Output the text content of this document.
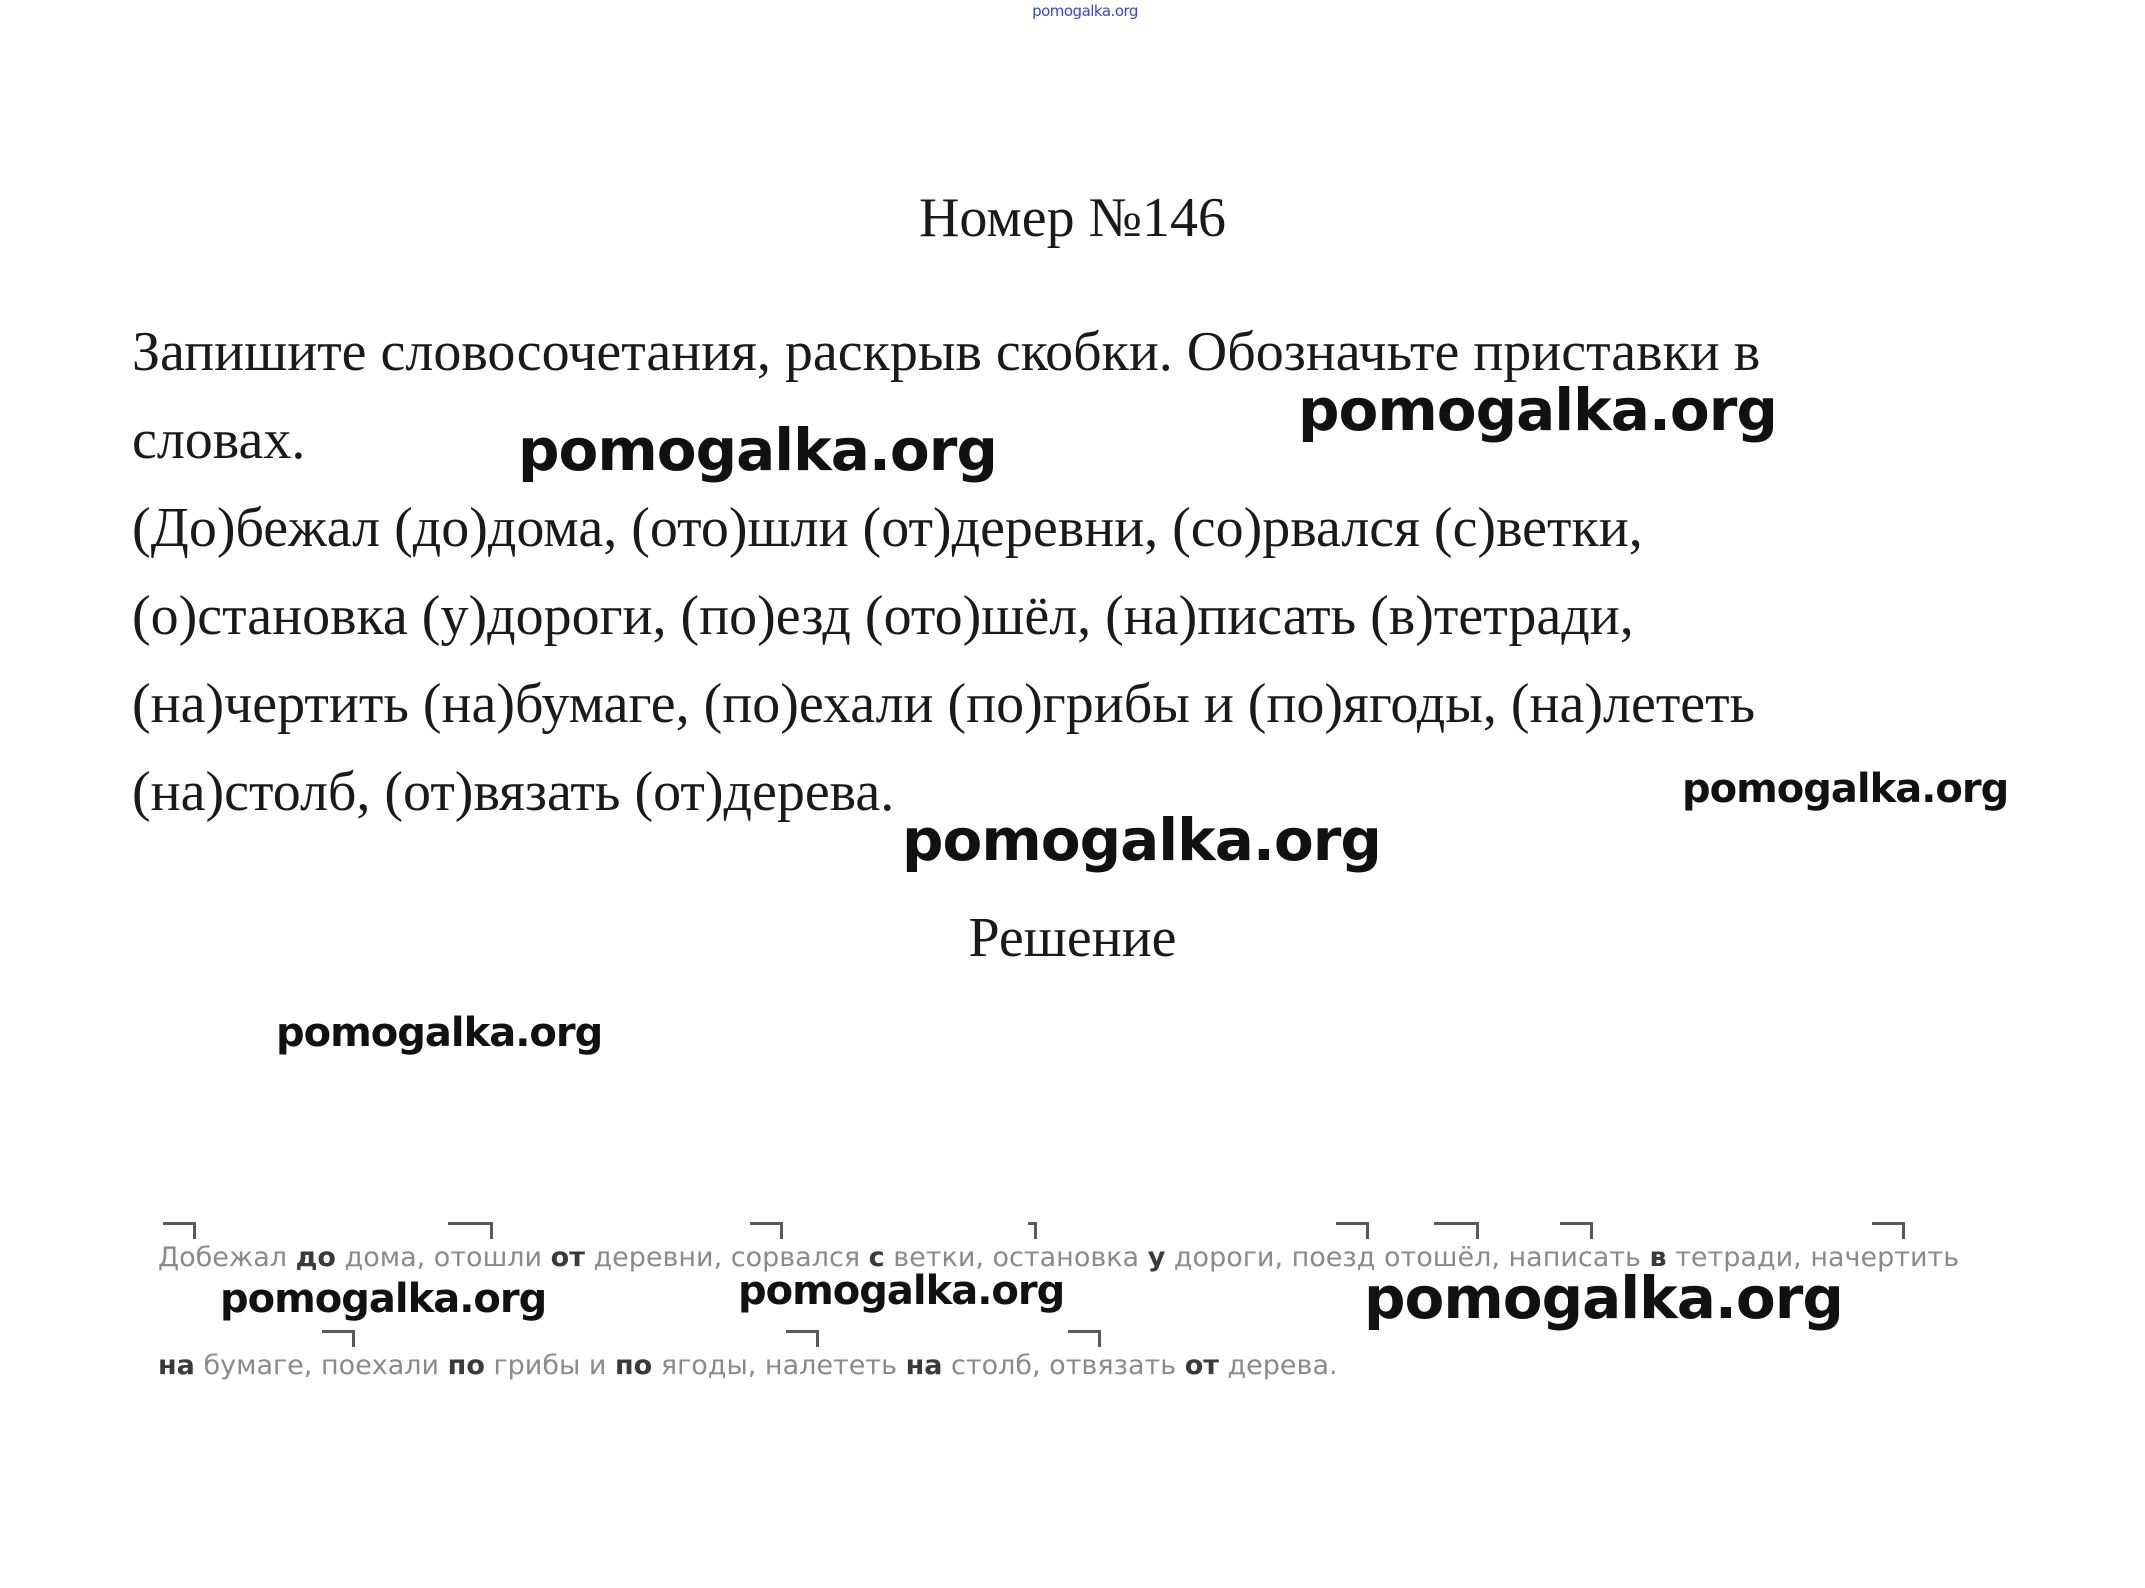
pomogalka.org
Номер №146

Запишите словосочетания, раскрыв скобки. Обозначьте приставки в

словах.

(До)бежал (до)дома, (ото)шли (от)деревни, (со)рвался (с)ветки,

(о)становка (у)дороги, (по)езд (ото)шёл, (на)писать (в)тетради,

(на)чертить (на)бумаге, (по)ехали (по)грибы и (по)ягоды, (на)лететь

(на)столб, (от)вязать (от)дерева.

Решение
Добежал до дома, отошли от деревни, сорвался с ветки, остановка у дороги, поезд отошёл, написать в тетради, начертить
на бумаге, поехали по грибы и по ягоды, налететь на столб, отвязать от дерева.
pomogalka.org
pomogalka.org
pomogalka.org
pomogalka.org
pomogalka.org
pomogalka.org	pomogalka.org	pomogalka.org
